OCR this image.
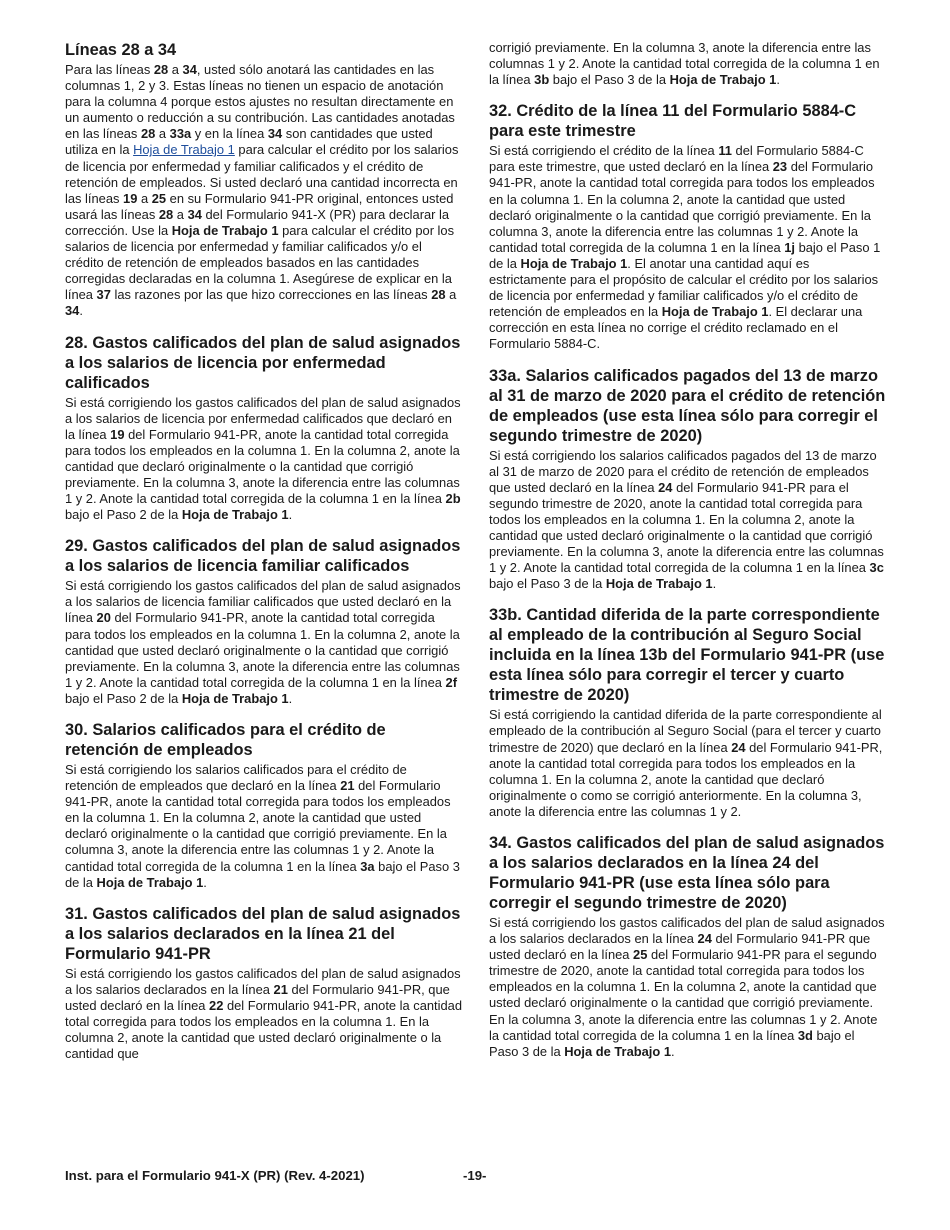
Líneas 28 a 34

Para las líneas 28 a 34, usted sólo anotará las cantidades en las columnas 1, 2 y 3. Estas líneas no tienen un espacio de anotación para la columna 4 porque estos ajustes no resultan directamente en un aumento o reducción a su contribución. Las cantidades anotadas en las líneas 28 a 33a y en la línea 34 son cantidades que usted utiliza en la Hoja de Trabajo 1 para calcular el crédito por los salarios de licencia por enfermedad y familiar calificados y el crédito de retención de empleados. Si usted declaró una cantidad incorrecta en las líneas 19 a 25 en su Formulario 941-PR original, entonces usted usará las líneas 28 a 34 del Formulario 941-X (PR) para declarar la corrección. Use la Hoja de Trabajo 1 para calcular el crédito por los salarios de licencia por enfermedad y familiar calificados y/o el crédito de retención de empleados basados en las cantidades corregidas declaradas en la columna 1. Asegúrese de explicar en la línea 37 las razones por las que hizo correcciones en las líneas 28 a 34.

28. Gastos calificados del plan de salud asignados a los salarios de licencia por enfermedad calificados

Si está corrigiendo los gastos calificados del plan de salud asignados a los salarios de licencia por enfermedad calificados que declaró en la línea 19 del Formulario 941-PR, anote la cantidad total corregida para todos los empleados en la columna 1. En la columna 2, anote la cantidad que declaró originalmente o la cantidad que corrigió previamente. En la columna 3, anote la diferencia entre las columnas 1 y 2. Anote la cantidad total corregida de la columna 1 en la línea 2b bajo el Paso 2 de la Hoja de Trabajo 1.

29. Gastos calificados del plan de salud asignados a los salarios de licencia familiar calificados

Si está corrigiendo los gastos calificados del plan de salud asignados a los salarios de licencia familiar calificados que usted declaró en la línea 20 del Formulario 941-PR, anote la cantidad total corregida para todos los empleados en la columna 1. En la columna 2, anote la cantidad que usted declaró originalmente o la cantidad que corrigió previamente. En la columna 3, anote la diferencia entre las columnas 1 y 2. Anote la cantidad total corregida de la columna 1 en la línea 2f bajo el Paso 2 de la Hoja de Trabajo 1.

30. Salarios calificados para el crédito de retención de empleados

Si está corrigiendo los salarios calificados para el crédito de retención de empleados que declaró en la línea 21 del Formulario 941-PR, anote la cantidad total corregida para todos los empleados en la columna 1. En la columna 2, anote la cantidad que usted declaró originalmente o la cantidad que corrigió previamente. En la columna 3, anote la diferencia entre las columnas 1 y 2. Anote la cantidad total corregida de la columna 1 en la línea 3a bajo el Paso 3 de la Hoja de Trabajo 1.

31. Gastos calificados del plan de salud asignados a los salarios declarados en la línea 21 del Formulario 941-PR

Si está corrigiendo los gastos calificados del plan de salud asignados a los salarios declarados en la línea 21 del Formulario 941-PR, que usted declaró en la línea 22 del Formulario 941-PR, anote la cantidad total corregida para todos los empleados en la columna 1. En la columna 2, anote la cantidad que usted declaró originalmente o la cantidad que

corrigió previamente. En la columna 3, anote la diferencia entre las columnas 1 y 2. Anote la cantidad total corregida de la columna 1 en la línea 3b bajo el Paso 3 de la Hoja de Trabajo 1.

32. Crédito de la línea 11 del Formulario 5884-C para este trimestre

Si está corrigiendo el crédito de la línea 11 del Formulario 5884-C para este trimestre, que usted declaró en la línea 23 del Formulario 941-PR, anote la cantidad total corregida para todos los empleados en la columna 1. En la columna 2, anote la cantidad que usted declaró originalmente o la cantidad que corrigió previamente. En la columna 3, anote la diferencia entre las columnas 1 y 2. Anote la cantidad total corregida de la columna 1 en la línea 1j bajo el Paso 1 de la Hoja de Trabajo 1. El anotar una cantidad aquí es estrictamente para el propósito de calcular el crédito por los salarios de licencia por enfermedad y familiar calificados y/o el crédito de retención de empleados en la Hoja de Trabajo 1. El declarar una corrección en esta línea no corrige el crédito reclamado en el Formulario 5884-C.

33a. Salarios calificados pagados del 13 de marzo al 31 de marzo de 2020 para el crédito de retención de empleados (use esta línea sólo para corregir el segundo trimestre de 2020)

Si está corrigiendo los salarios calificados pagados del 13 de marzo al 31 de marzo de 2020 para el crédito de retención de empleados que usted declaró en la línea 24 del Formulario 941-PR para el segundo trimestre de 2020, anote la cantidad total corregida para todos los empleados en la columna 1. En la columna 2, anote la cantidad que usted declaró originalmente o la cantidad que corrigió previamente. En la columna 3, anote la diferencia entre las columnas 1 y 2. Anote la cantidad total corregida de la columna 1 en la línea 3c bajo el Paso 3 de la Hoja de Trabajo 1.

33b. Cantidad diferida de la parte correspondiente al empleado de la contribución al Seguro Social incluida en la línea 13b del Formulario 941-PR (use esta línea sólo para corregir el tercer y cuarto trimestre de 2020)

Si está corrigiendo la cantidad diferida de la parte correspondiente al empleado de la contribución al Seguro Social (para el tercer y cuarto trimestre de 2020) que declaró en la línea 24 del Formulario 941-PR, anote la cantidad total corregida para todos los empleados en la columna 1. En la columna 2, anote la cantidad que declaró originalmente o como se corrigió anteriormente. En la columna 3, anote la diferencia entre las columnas 1 y 2.

34. Gastos calificados del plan de salud asignados a los salarios declarados en la línea 24 del Formulario 941-PR (use esta línea sólo para corregir el segundo trimestre de 2020)

Si está corrigiendo los gastos calificados del plan de salud asignados a los salarios declarados en la línea 24 del Formulario 941-PR que usted declaró en la línea 25 del Formulario 941-PR para el segundo trimestre de 2020, anote la cantidad total corregida para todos los empleados en la columna 1. En la columna 2, anote la cantidad que usted declaró originalmente o la cantidad que corrigió previamente. En la columna 3, anote la diferencia entre las columnas 1 y 2. Anote la cantidad total corregida de la columna 1 en la línea 3d bajo el Paso 3 de la Hoja de Trabajo 1.

Inst. para el Formulario 941-X (PR) (Rev. 4-2021)	-19-
